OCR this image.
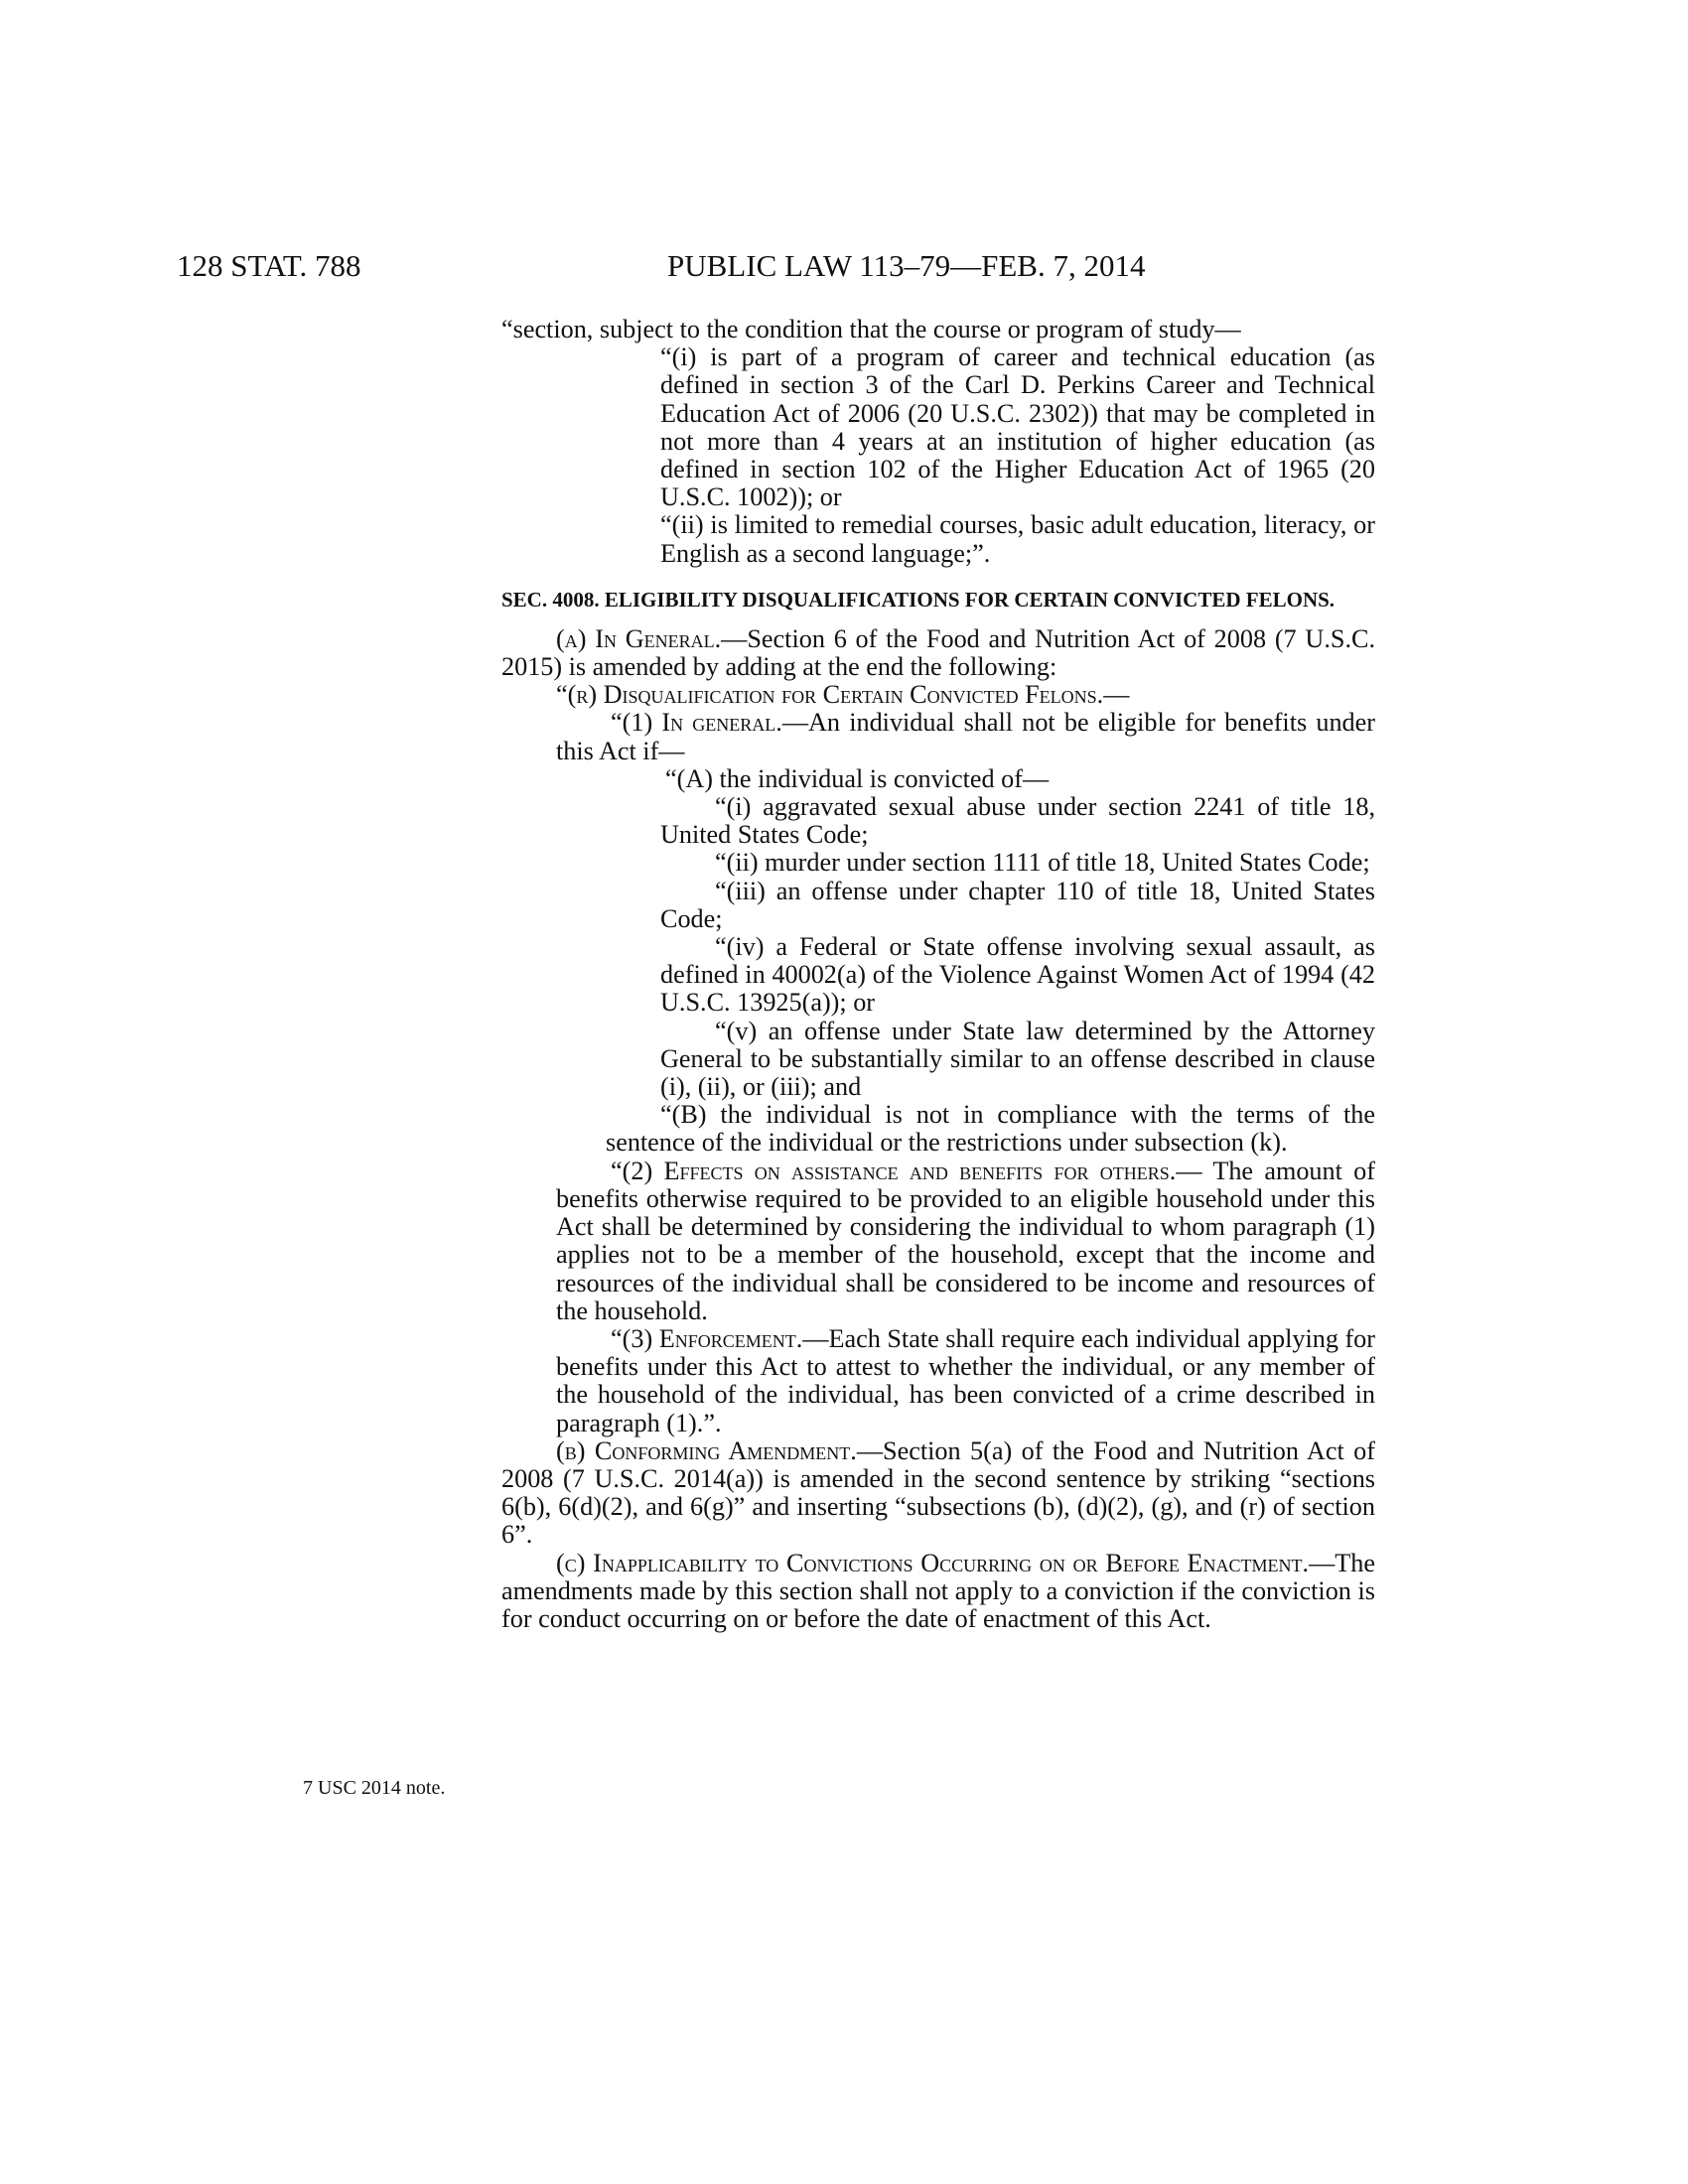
128 STAT. 788	PUBLIC LAW 113–79—FEB. 7, 2014

“section, subject to the condition that the course or program of study—

“(i) is part of a program of career and technical education (as defined in section 3 of the Carl D. Perkins Career and Technical Education Act of 2006 (20 U.S.C. 2302)) that may be completed in not more than 4 years at an institution of higher education (as defined in section 102 of the Higher Education Act of 1965 (20 U.S.C. 1002)); or

“(ii) is limited to remedial courses, basic adult education, literacy, or English as a second language;”.

SEC. 4008. ELIGIBILITY DISQUALIFICATIONS FOR CERTAIN CONVICTED FELONS.

(a) In General.—Section 6 of the Food and Nutrition Act of 2008 (7 U.S.C. 2015) is amended by adding at the end the following:

“(r) Disqualification for Certain Convicted Felons.—

“(1) In general.—An individual shall not be eligible for benefits under this Act if—

“(A) the individual is convicted of—

“(i) aggravated sexual abuse under section 2241 of title 18, United States Code;

“(ii) murder under section 1111 of title 18, United States Code;

“(iii) an offense under chapter 110 of title 18, United States Code;

“(iv) a Federal or State offense involving sexual assault, as defined in 40002(a) of the Violence Against Women Act of 1994 (42 U.S.C. 13925(a)); or

“(v) an offense under State law determined by the Attorney General to be substantially similar to an offense described in clause (i), (ii), or (iii); and

“(B) the individual is not in compliance with the terms of the sentence of the individual or the restrictions under subsection (k).

“(2) Effects on assistance and benefits for others.— The amount of benefits otherwise required to be provided to an eligible household under this Act shall be determined by considering the individual to whom paragraph (1) applies not to be a member of the household, except that the income and resources of the individual shall be considered to be income and resources of the household.

“(3) Enforcement.—Each State shall require each individual applying for benefits under this Act to attest to whether the individual, or any member of the household of the individual, has been convicted of a crime described in paragraph (1).”.

(b) Conforming Amendment.—Section 5(a) of the Food and Nutrition Act of 2008 (7 U.S.C. 2014(a)) is amended in the second sentence by striking “sections 6(b), 6(d)(2), and 6(g)” and inserting “subsections (b), (d)(2), (g), and (r) of section 6”.

(c) Inapplicability to Convictions Occurring on or Before Enactment.—The amendments made by this section shall not apply to a conviction if the conviction is for conduct occurring on or before the date of enactment of this Act.

7 USC 2014 note.
